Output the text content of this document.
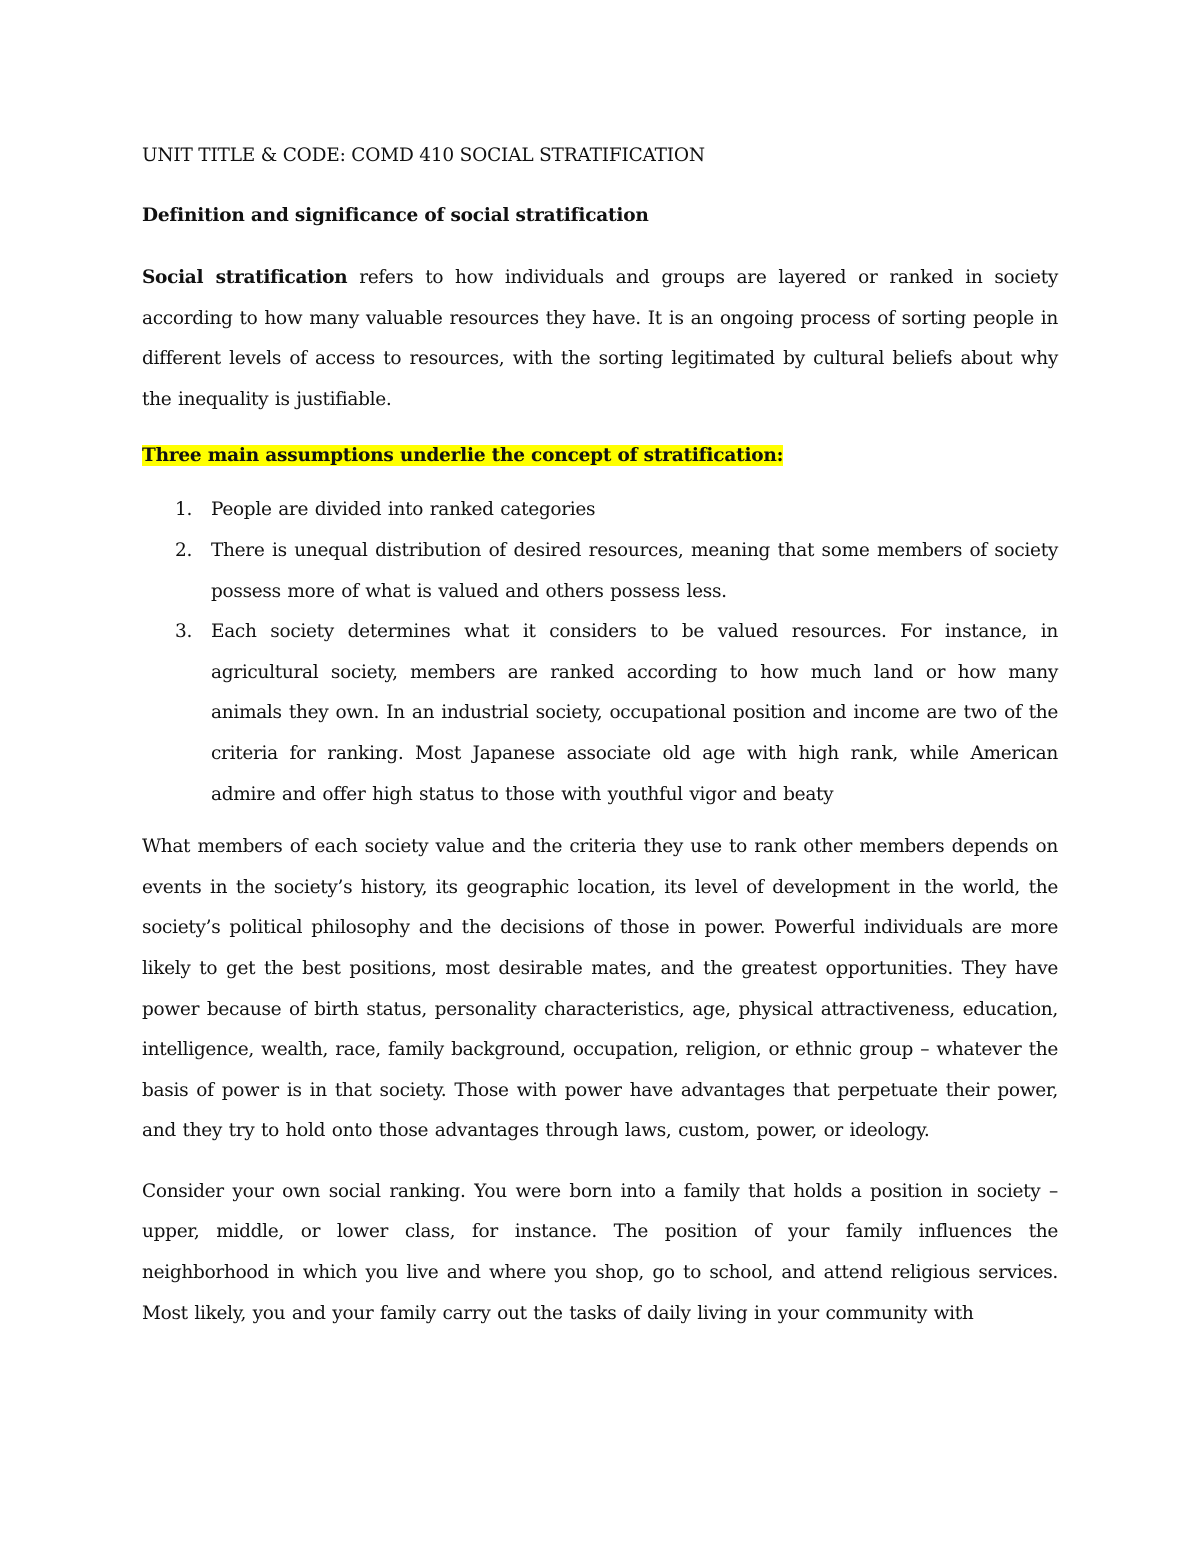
UNIT TITLE & CODE: COMD 410 SOCIAL STRATIFICATION
Definition and significance of social stratification

Social stratification refers to how individuals and groups are layered or ranked in society according to how many valuable resources they have. It is an ongoing process of sorting people in different levels of access to resources, with the sorting legitimated by cultural beliefs about why the inequality is justifiable.

Three main assumptions underlie the concept of stratification:
1. People are divided into ranked categories
2. There is unequal distribution of desired resources, meaning that some members of society possess more of what is valued and others possess less.
3. Each society determines what it considers to be valued resources. For instance, in agricultural society, members are ranked according to how much land or how many animals they own. In an industrial society, occupational position and income are two of the criteria for ranking. Most Japanese associate old age with high rank, while American admire and offer high status to those with youthful vigor and beaty

What members of each society value and the criteria they use to rank other members depends on events in the society’s history, its geographic location, its level of development in the world, the society’s political philosophy and the decisions of those in power. Powerful individuals are more likely to get the best positions, most desirable mates, and the greatest opportunities. They have power because of birth status, personality characteristics, age, physical attractiveness, education, intelligence, wealth, race, family background, occupation, religion, or ethnic group – whatever the basis of power is in that society. Those with power have advantages that perpetuate their power, and they try to hold onto those advantages through laws, custom, power, or ideology.

Consider your own social ranking. You were born into a family that holds a position in society – upper, middle, or lower class, for instance. The position of your family influences the neighborhood in which you live and where you shop, go to school, and attend religious services. Most likely, you and your family carry out the tasks of daily living in your community with
